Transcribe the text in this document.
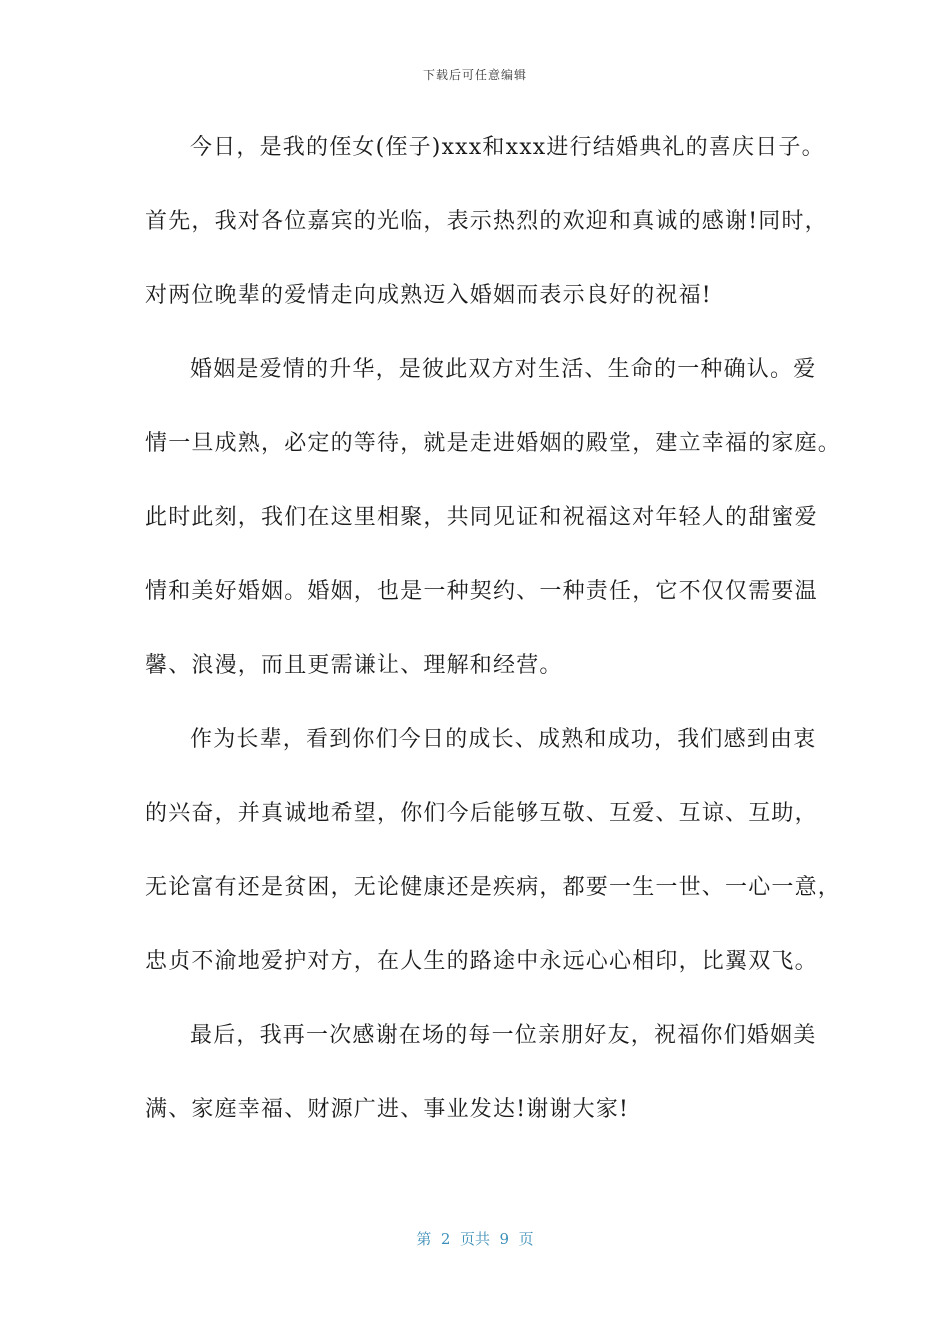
下载后可任意编辑
今日，是我的侄女(侄子)xxx和xxx进行结婚典礼的喜庆日子。
首先，我对各位嘉宾的光临，表示热烈的欢迎和真诚的感谢!同时，
对两位晚辈的爱情走向成熟迈入婚姻而表示良好的祝福!
婚姻是爱情的升华，是彼此双方对生活、生命的一种确认。爱
情一旦成熟，必定的等待，就是走进婚姻的殿堂，建立幸福的家庭。
此时此刻，我们在这里相聚，共同见证和祝福这对年轻人的甜蜜爱
情和美好婚姻。婚姻，也是一种契约、一种责任，它不仅仅需要温
馨、浪漫，而且更需谦让、理解和经营。
作为长辈，看到你们今日的成长、成熟和成功，我们感到由衷
的兴奋，并真诚地希望，你们今后能够互敬、互爱、互谅、互助，
无论富有还是贫困，无论健康还是疾病，都要一生一世、一心一意，
忠贞不渝地爱护对方，在人生的路途中永远心心相印，比翼双飞。
最后，我再一次感谢在场的每一位亲朋好友，祝福你们婚姻美
满、家庭幸福、财源广进、事业发达!谢谢大家!
第  2  页共  9  页
